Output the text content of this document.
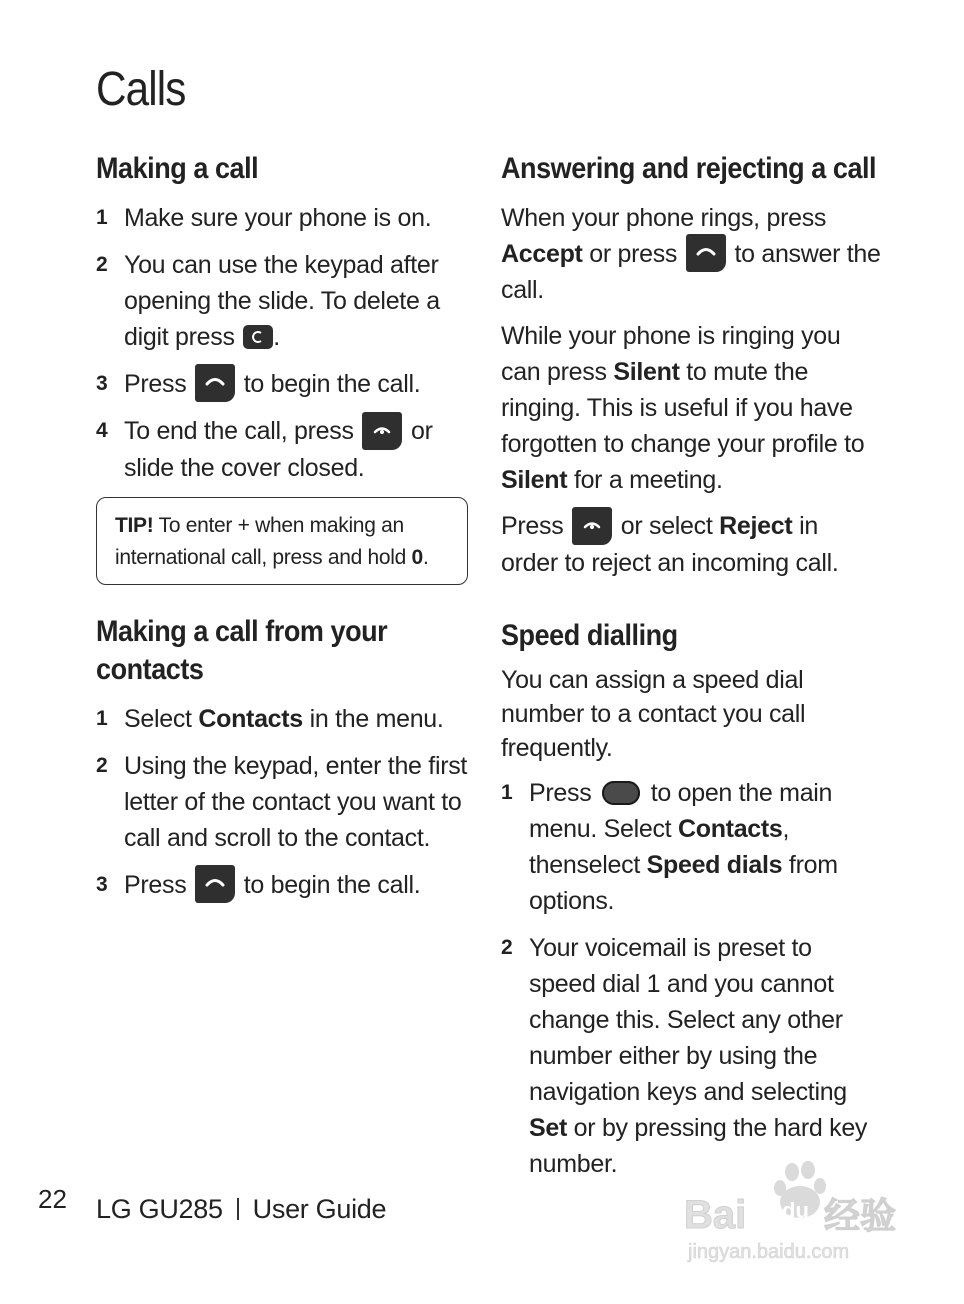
Calls
Making a call
1 Make sure your phone is on.
2 You can use the keypad after opening the slide. To delete a digit press .
3 Press to begin the call.
4 To end the call, press or slide the cover closed.
TIP! To enter + when making an international call, press and hold 0.
Making a call from your contacts
1 Select Contacts in the menu.
2 Using the keypad, enter the first letter of the contact you want to call and scroll to the contact.
3 Press to begin the call.
Answering and rejecting a call

When your phone rings, press Accept or press to answer the call.

While your phone is ringing you can press Silent to mute the ringing. This is useful if you have forgotten to change your profile to Silent for a meeting.

Press or select Reject in order to reject an incoming call.

Speed dialling

You can assign a speed dial number to a contact you call frequently.

1 Press to open the main menu. Select Contacts, thenselect Speed dials from options.
2 Your voicemail is preset to speed dial 1 and you cannot change this. Select any other number either by using the navigation keys and selecting Set or by pressing the hard key number.
22 LG GU285 User Guide	Bai du 经验
jingyan.baidu.com
